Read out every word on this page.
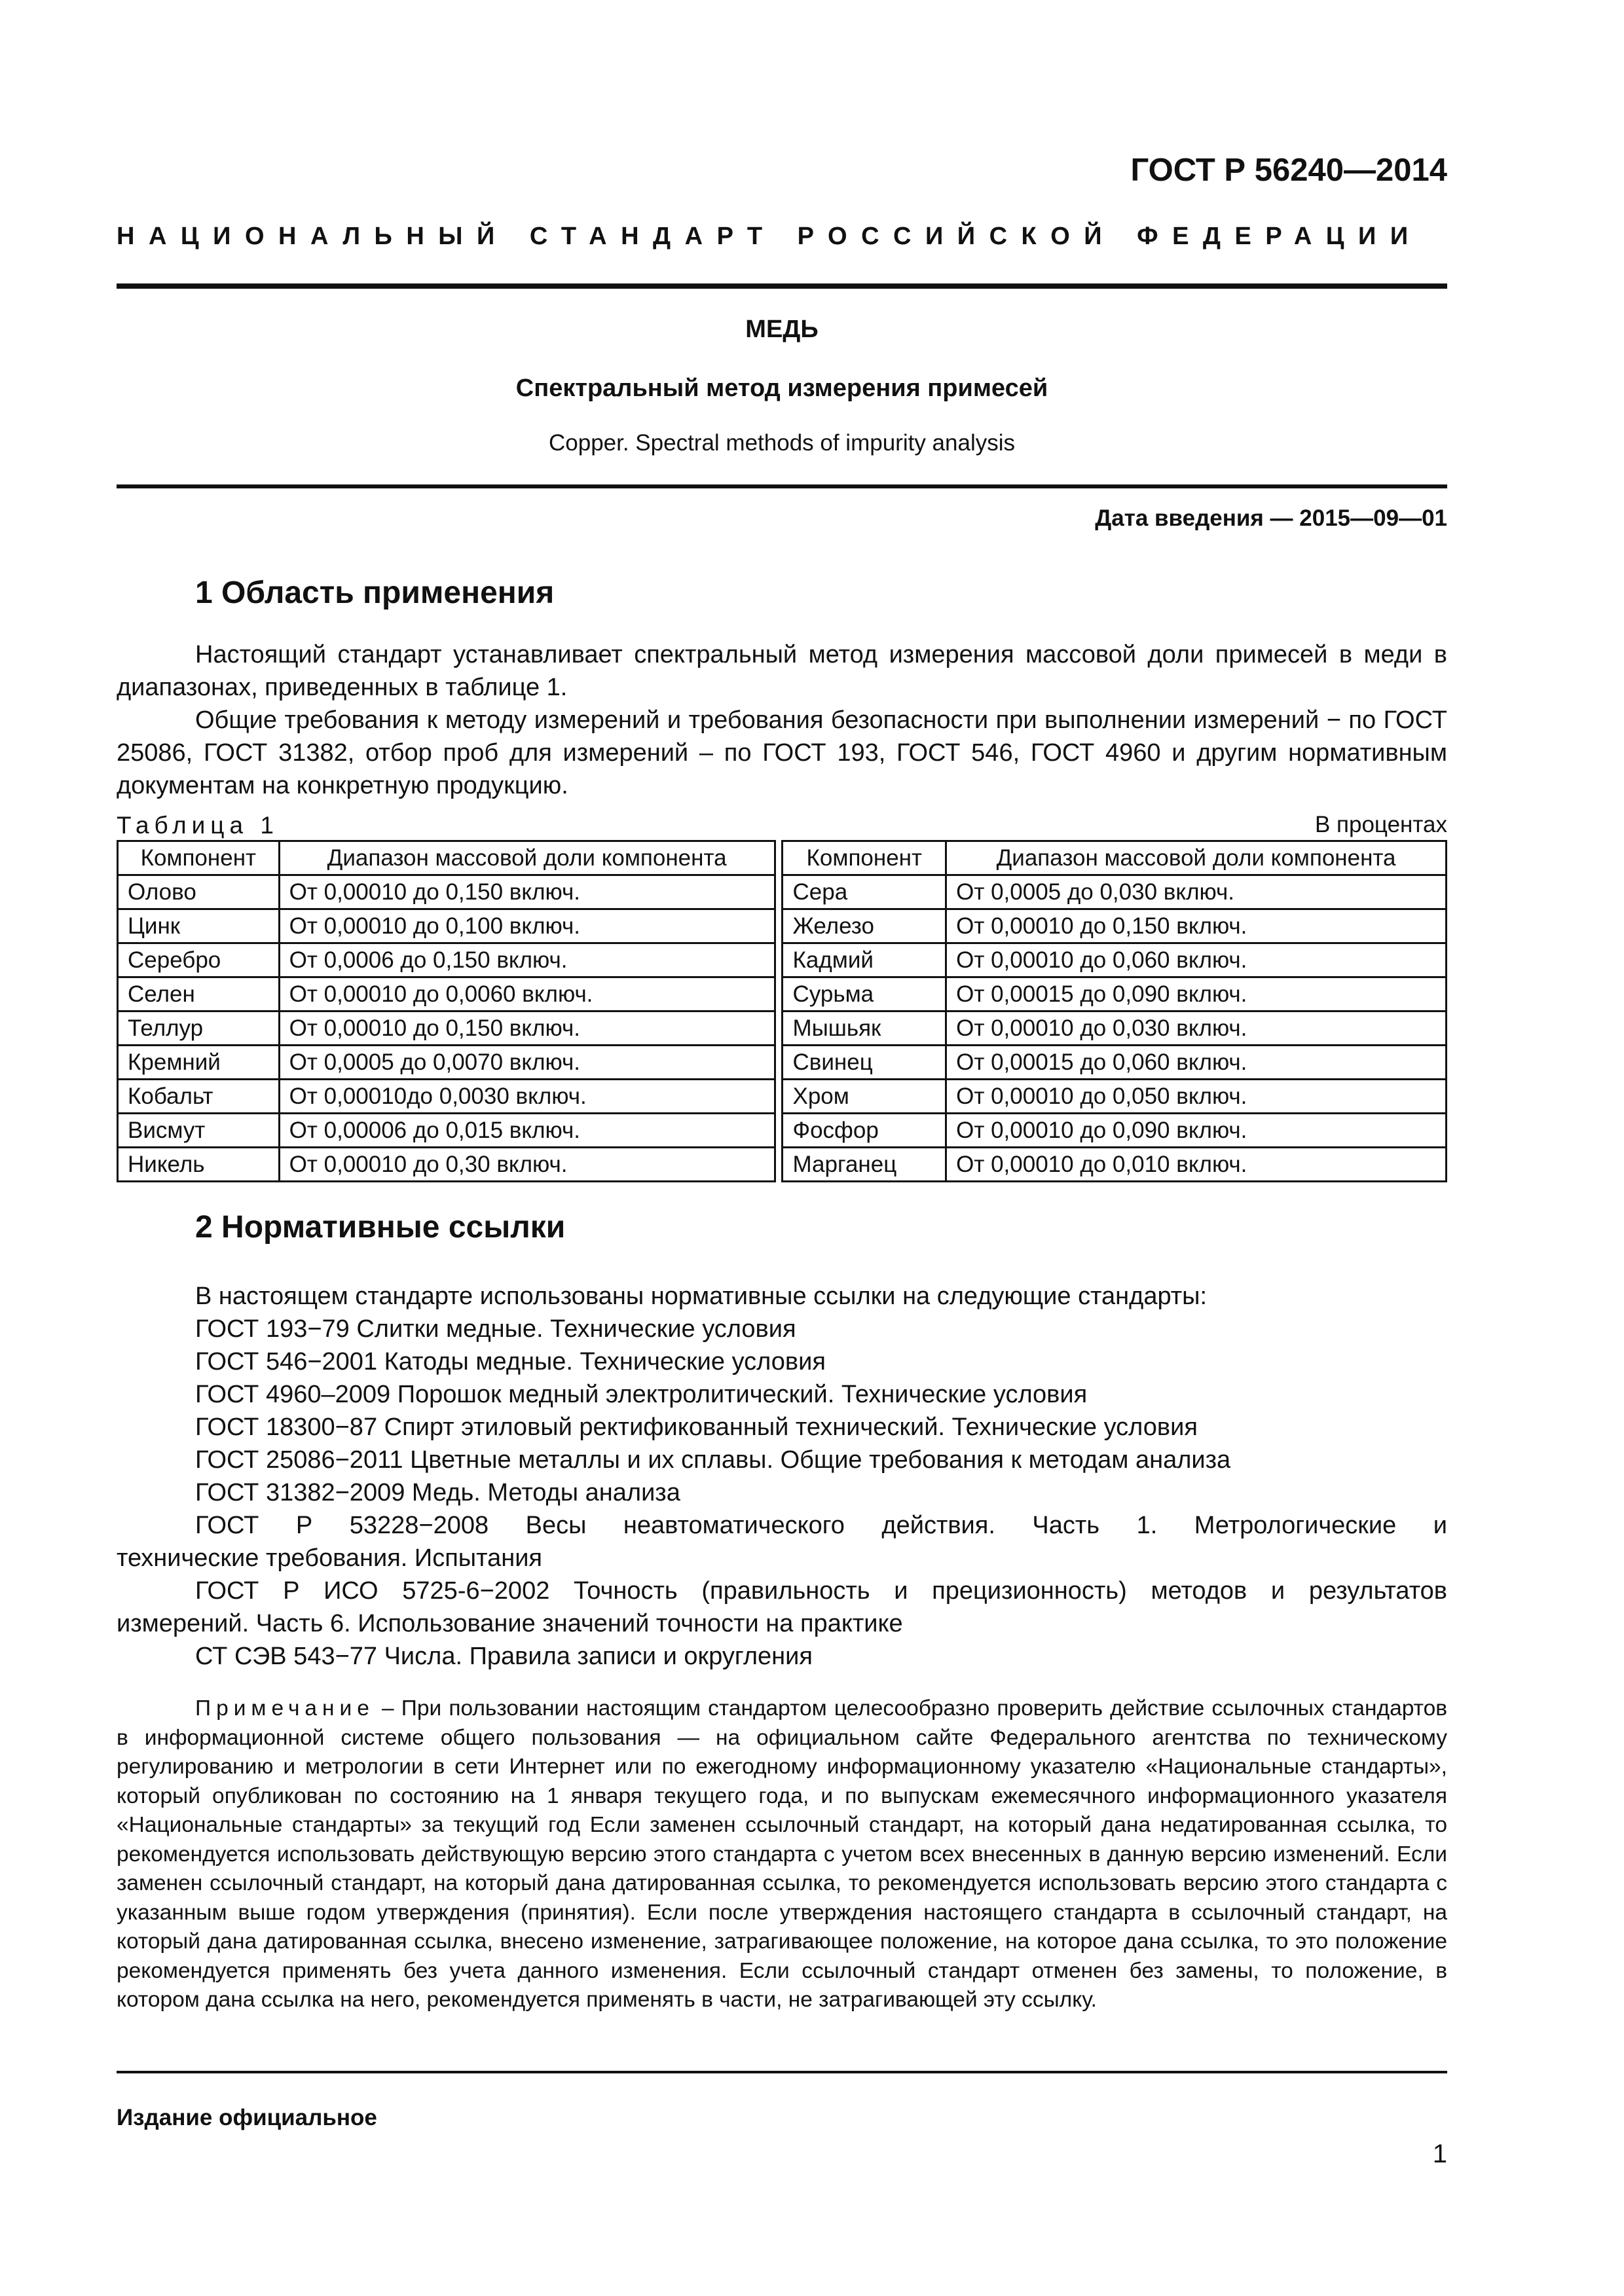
ГОСТ Р 56240—2014
НАЦИОНАЛЬНЫЙ СТАНДАРТ РОССИЙСКОЙ ФЕДЕРАЦИИ
МЕДЬ
Спектральный метод измерения примесей
Copper. Spectral methods of impurity analysis
Дата введения — 2015—09—01
1 Область применения

Настоящий стандарт устанавливает спектральный метод измерения массовой доли примесей в меди в диапазонах, приведенных в таблице 1.

Общие требования к методу измерений и требования безопасности при выполнении измерений − по ГОСТ 25086, ГОСТ 31382, отбор проб для измерений – по ГОСТ 193, ГОСТ 546, ГОСТ 4960 и другим нормативным документам на конкретную продукцию.

Таблица 1	В процентах
Компонент	Диапазон массовой доли компонента		Компонент	Диапазон массовой доли компонента
Олово	От 0,00010 до 0,150 включ.		Сера	От 0,0005 до 0,030 включ.
Цинк	От 0,00010 до 0,100 включ.		Железо	От 0,00010 до 0,150 включ.
Серебро	От 0,0006 до 0,150 включ.		Кадмий	От 0,00010 до 0,060 включ.
Селен	От 0,00010 до 0,0060 включ.		Сурьма	От 0,00015 до 0,090 включ.
Теллур	От 0,00010 до 0,150 включ.		Мышьяк	От 0,00010 до 0,030 включ.
Кремний	От 0,0005 до 0,0070 включ.		Свинец	От 0,00015 до 0,060 включ.
Кобальт	От 0,00010до 0,0030 включ.		Хром	От 0,00010 до 0,050 включ.
Висмут	От 0,00006 до 0,015 включ.		Фосфор	От 0,00010 до 0,090 включ.
Никель	От 0,00010 до 0,30 включ.		Марганец	От 0,00010 до 0,010 включ.
2 Нормативные ссылки

В настоящем стандарте использованы нормативные ссылки на следующие стандарты:

ГОСТ 193−79 Слитки медные. Технические условия

ГОСТ 546−2001 Катоды медные. Технические условия

ГОСТ 4960–2009 Порошок медный электролитический. Технические условия

ГОСТ 18300−87 Спирт этиловый ректификованный технический. Технические условия

ГОСТ 25086−2011 Цветные металлы и их сплавы. Общие требования к методам анализа

ГОСТ 31382−2009 Медь. Методы анализа

ГОСТ Р 53228−2008 Весы неавтоматического действия. Часть 1. Метрологические и

технические требования. Испытания

ГОСТ Р ИСО 5725-6−2002 Точность (правильность и прецизионность) методов и результатов

измерений. Часть 6. Использование значений точности на практике

СТ СЭВ 543−77 Числа. Правила записи и округления

Примечание – При пользовании настоящим стандартом целесообразно проверить действие ссылочных стандартов в информационной системе общего пользования — на официальном сайте Федерального агентства по техническому регулированию и метрологии в сети Интернет или по ежегодному информационному указателю «Национальные стандарты», который опубликован по состоянию на 1 января текущего года, и по выпускам ежемесячного информационного указателя «Национальные стандарты» за текущий год Если заменен ссылочный стандарт, на который дана недатированная ссылка, то рекомендуется использовать действующую версию этого стандарта с учетом всех внесенных в данную версию изменений. Если заменен ссылочный стандарт, на который дана датированная ссылка, то рекомендуется использовать версию этого стандарта с указанным выше годом утверждения (принятия). Если после утверждения настоящего стандарта в ссылочный стандарт, на который дана датированная ссылка, внесено изменение, затрагивающее положение, на которое дана ссылка, то это положение рекомендуется применять без учета данного изменения. Если ссылочный стандарт отменен без замены, то положение, в котором дана ссылка на него, рекомендуется применять в части, не затрагивающей эту ссылку.

Издание официальное
1
